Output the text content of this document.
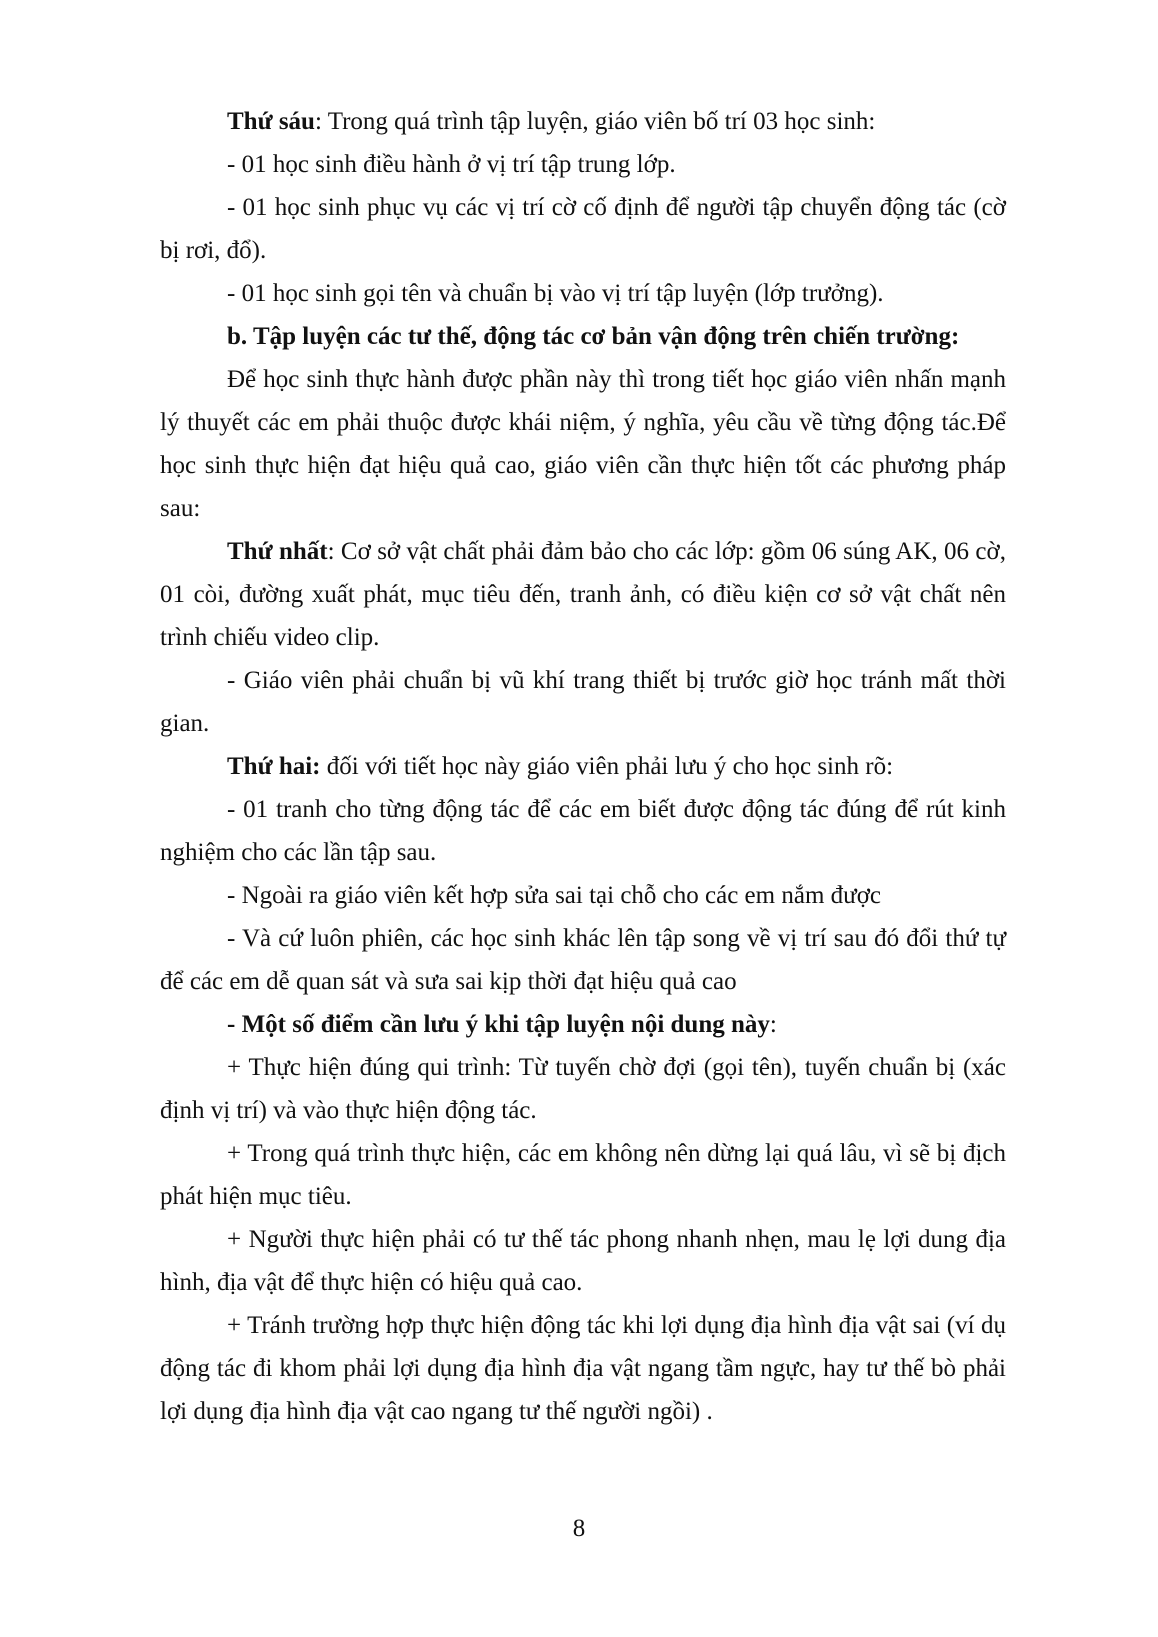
Thứ sáu: Trong quá trình tập luyện, giáo viên bố trí 03 học sinh:

- 01 học sinh điều hành ở vị trí tập trung lớp.

- 01 học sinh phục vụ các vị trí cờ cố định để người tập chuyển động tác (cờ bị rơi, đổ).

- 01 học sinh gọi tên và chuẩn bị vào vị trí tập luyện (lớp trưởng).

b. Tập luyện các tư thế, động tác cơ bản vận động trên chiến trường:

Để học sinh thực hành được phần này thì trong tiết học giáo viên nhấn mạnh lý thuyết các em phải thuộc được khái niệm, ý nghĩa, yêu cầu về từng động tác.Để học sinh thực hiện đạt hiệu quả cao, giáo viên cần thực hiện tốt các phương pháp sau:

Thứ nhất: Cơ sở vật chất phải đảm bảo cho các lớp: gồm 06 súng AK, 06 cờ, 01 còi, đường xuất phát, mục tiêu đến, tranh ảnh, có điều kiện cơ sở vật chất nên trình chiếu video clip.

- Giáo viên phải chuẩn bị vũ khí trang thiết bị trước giờ học tránh mất thời gian.

Thứ hai: đối với tiết học này giáo viên phải lưu ý cho học sinh rõ:

- 01 tranh cho từng động tác để các em biết được động tác đúng để rút kinh nghiệm cho các lần tập sau.

- Ngoài ra giáo viên kết hợp sửa sai tại chỗ cho các em nắm được

- Và cứ luôn phiên, các học sinh khác lên tập song về vị trí sau đó đổi thứ tự để các em dễ quan sát và sưa sai kịp thời đạt hiệu quả cao

- Một số điểm cần lưu ý khi tập luyện nội dung này:

+ Thực hiện đúng qui trình: Từ tuyến chờ đợi (gọi tên), tuyến chuẩn bị (xác định vị trí) và vào thực hiện động tác.

+ Trong quá trình thực hiện, các em không nên dừng lại quá lâu, vì sẽ bị địch phát hiện mục tiêu.

+ Người thực hiện phải có tư thế tác phong nhanh nhẹn, mau lẹ lợi dung địa hình, địa vật để thực hiện có hiệu quả cao.

+ Tránh trường hợp thực hiện động tác khi lợi dụng địa hình địa vật sai (ví dụ động tác đi khom phải lợi dụng địa hình địa vật ngang tầm ngực, hay tư thế bò phải lợi dụng địa hình địa vật cao ngang tư thế người ngồi) .

8
